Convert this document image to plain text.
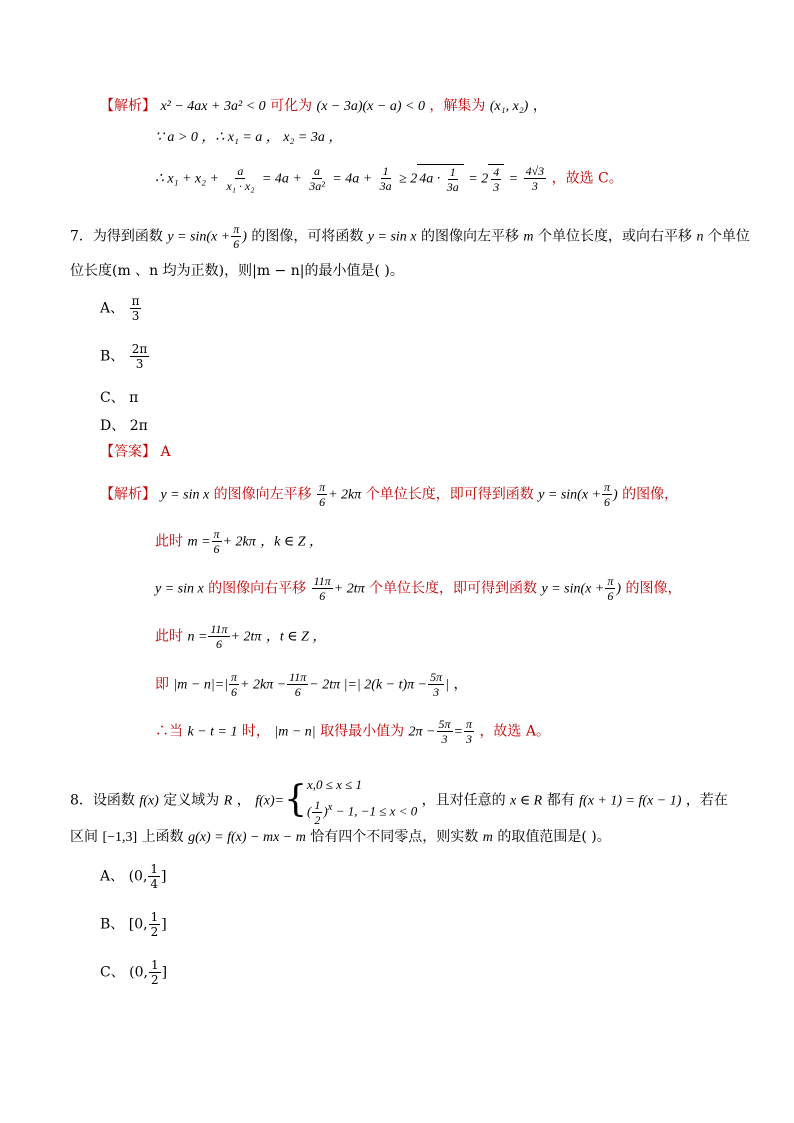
【解析】 x² − 4ax + 3a² < 0 可化为 (x − 3a)(x − a) < 0 ，解集为 (x₁, x₂) ，
∵ a > 0 ，∴ x₁ = a ， x₂ = 3a ，
∴ $x_1 + x_2 + \frac{a}{\text{x₁ · x₂}} = 4a + \frac{a}{\text{3a²}} = 4a + \frac{1}{3a} \ge 2$ $4a \cdot \frac{1}{3a} = 2 \frac{4}{3} = \frac{4√3}{3}$ ，故选 C。
7．为得到函数 $y = \sin(x + \frac{\pi}{6}$ ) 的图像，可将函数 y = sin x 的图像向左平移 m 个单位长度，或向右平移 n 个单位
位长度(m 、n 均为正数)，则|m − n|的最小值是( )。
A、 $\frac{\pi}{3}$
B、 $\frac{2\pi}{3}$
C、 π
D、 2π
【答案】 A
【解析】 y = sin x 的图像向左平移 $\frac{\pi}{6} + 2k\pi$ 个单位长度，即可得到函数 $y = \sin(x + \frac{\pi}{6}$ ) 的图像，
此时 $m = \frac{\pi}{6} + 2k\pi$ ，k ∈ Z ，
y = sin x 的图像向右平移 $\frac{11\pi}{6} + 2t\pi$ 个单位长度，即可得到函数 $y = \sin(x + \frac{\pi}{6}$ ) 的图像，
此时 $n = \frac{11\pi}{6} + 2t\pi$ ，t ∈ Z ，
即 $|m - n|=| \frac{\pi}{6} + 2k\pi - \frac{11\pi}{6} - 2t\pi$ |=| $2(k - t)\pi - \frac{5\pi}{3}$ | ，
∴当 k − t = 1 时， |m − n| 取得最小值为 $2\pi - \frac{5\pi}{3} = \frac{\pi}{3}$ ，故选 A。
8．设函数 f(x) 定义域为 R ， f(x)={ x,0 ≤ x ≤ 1
( $\frac{1}{2} )^x - 1$, −1 ≤ x < 0
，且对任意的 x ∈ R 都有 f(x + 1) = f(x − 1) ，若在
区间 [−1,3] 上函数 g(x) = f(x) − mx − m 恰有四个不同零点，则实数 m 的取值范围是( )。
A、 (0, $\frac{1}{4}$ ]
B、 [0, $\frac{1}{2}$ ]
C、 (0, $\frac{1}{2}$ ]
